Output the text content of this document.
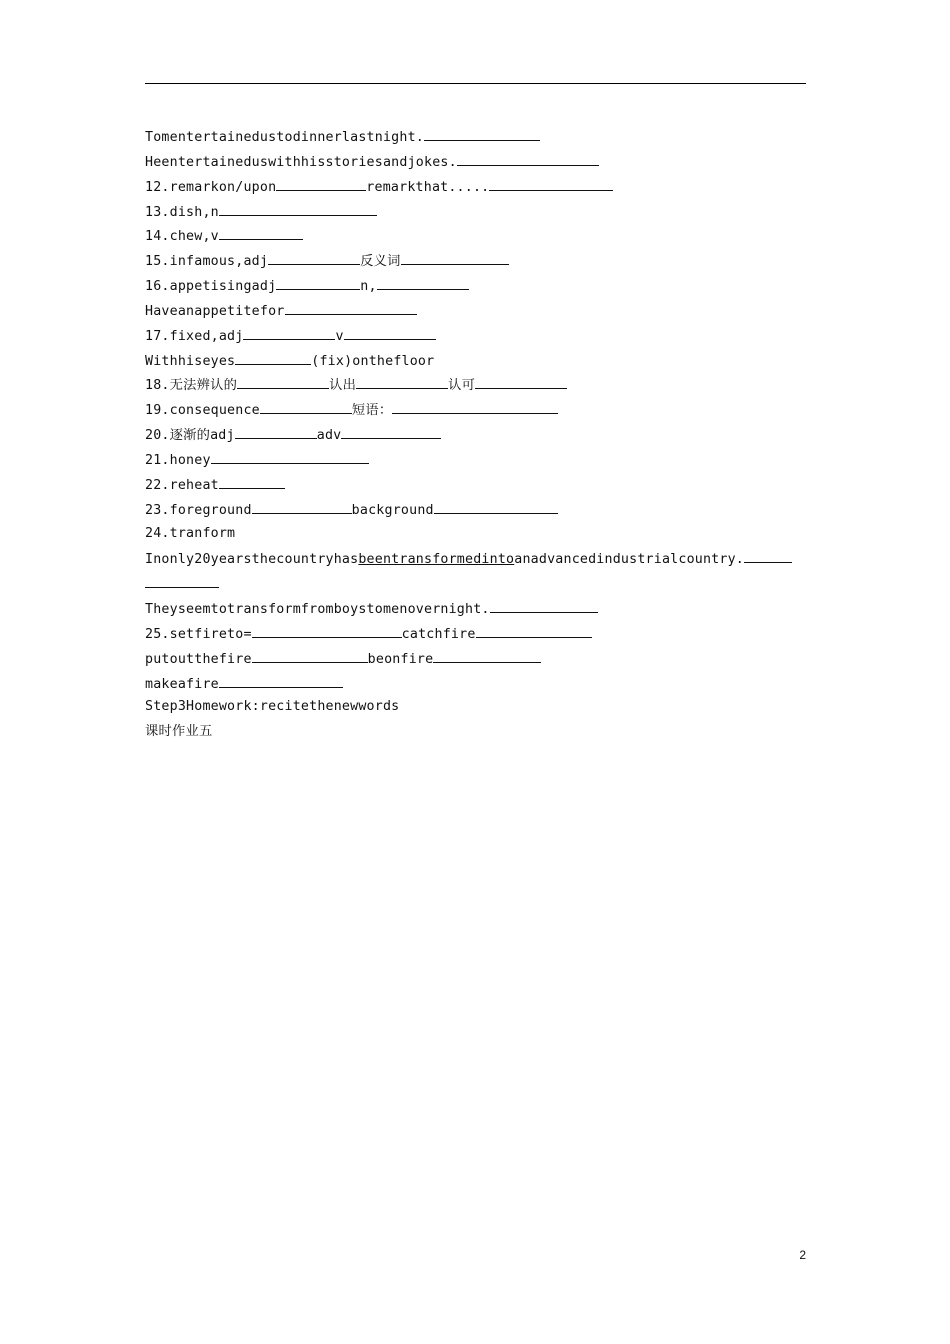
Tomentertainedustodinnerlastnight.
Heentertaineduswithhisstoriesandjokes.
12.remarkon/upon	remarkthat.....
13.dish,n
14.chew,v
15.infamous,adj	反义词
16.appetisingadj	n,
Haveanappetitefor
17.fixed,adj	v
Withhiseyes	(fix)onthefloor
18.无法辨认的	认出	认可
19.consequence	短语：
20.逐渐的adj	adv
21.honey
22.reheat
23.foreground	background
24.tranform
Inonly20yearsthecountryhasbeentransformedintoanadvancedindustrialcountry.
Theyseemtotransformfromboystomenovernight.
25.setfireto=	catchfire
putoutthefire	beonfire
makeafire
Step3Homework:recitethenewwords
课时作业五
2
